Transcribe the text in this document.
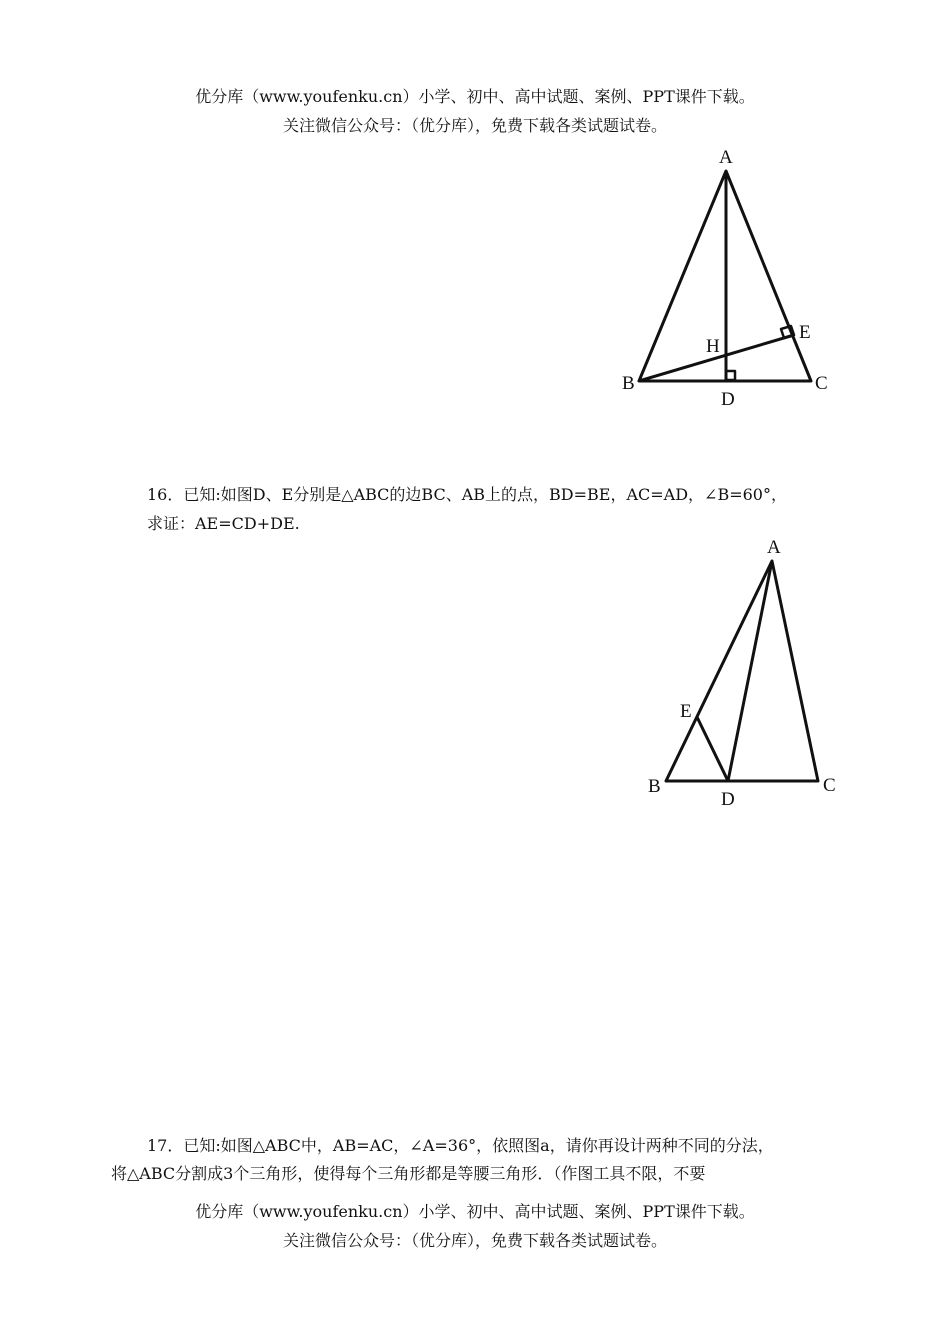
优分库（www.youfenku.cn）小学、初中、高中试题、案例、PPT课件下载。
关注微信公众号：（优分库），免费下载各类试题试卷。
A
B	C
D
E
H
16．已知:如图D、E分别是△ABC的边BC、AB上的点，BD=BE，AC=AD，∠B=60°，
求证：AE=CD+DE.
A
B	C
D
E
17．已知:如图△ABC中，AB=AC，∠A=36°，依照图a，请你再设计两种不同的分法，
将△ABC分割成3个三角形，使得每个三角形都是等腰三角形．（作图工具不限，不要
优分库（www.youfenku.cn）小学、初中、高中试题、案例、PPT课件下载。
关注微信公众号：（优分库），免费下载各类试题试卷。
